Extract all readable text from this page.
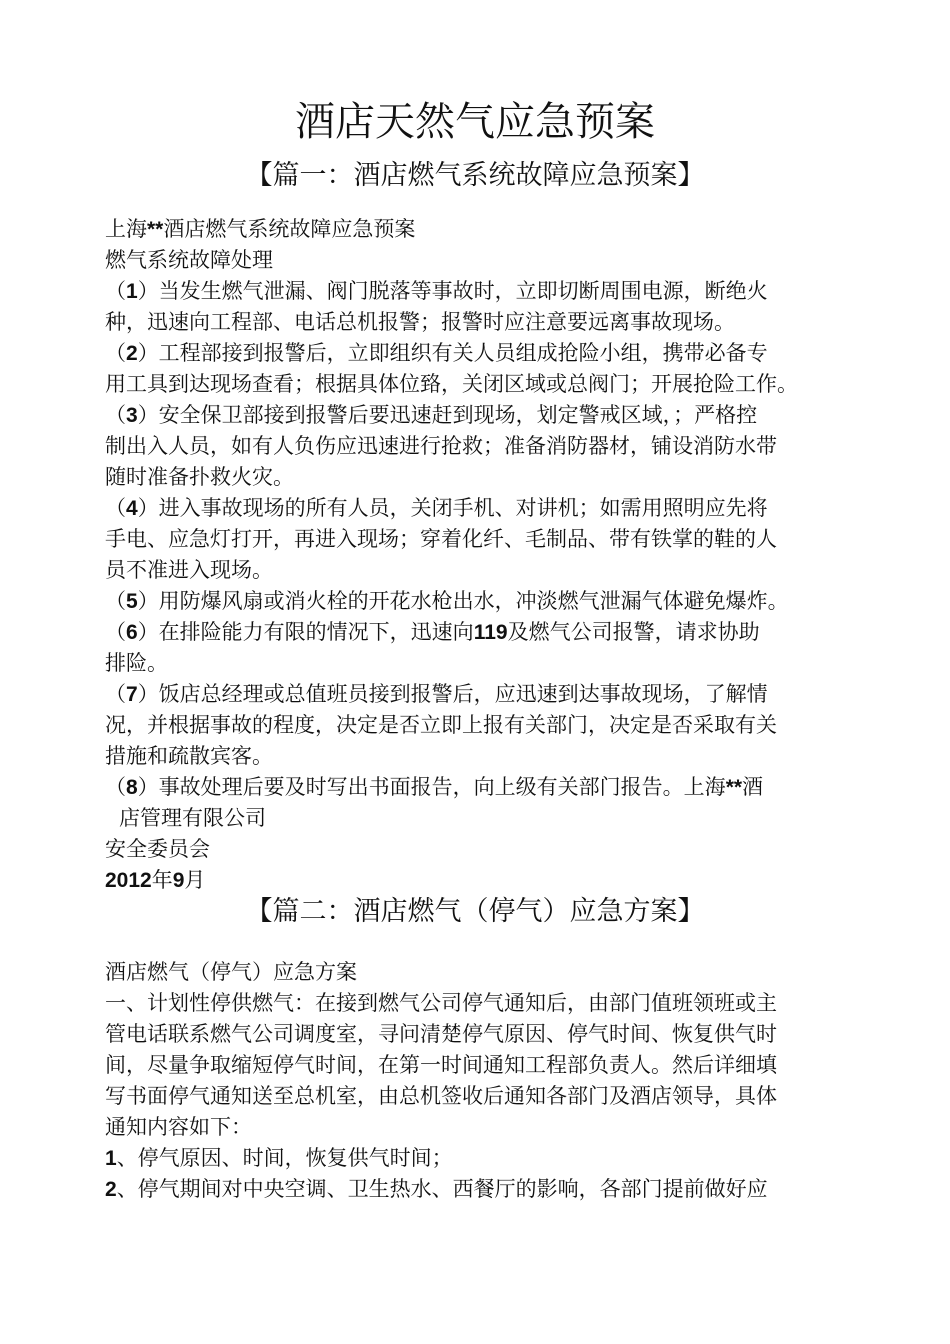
酒店天然气应急预案
【篇一：酒店燃气系统故障应急预案】
上海**酒店燃气系统故障应急预案
燃气系统故障处理
（1）当发生燃气泄漏、阀门脱落等事故时，立即切断周围电源，断绝火
种，迅速向工程部、电话总机报警；报警时应注意要远离事故现场。
（2）工程部接到报警后，立即组织有关人员组成抢险小组，携带必备专
用工具到达现场查看；根据具体位臵，关闭区域或总阀门；开展抢险工作。
（3）安全保卫部接到报警后要迅速赶到现场，划定警戒区域，；严格控
制出入人员，如有人负伤应迅速进行抢救；准备消防器材，铺设消防水带
随时准备扑救火灾。
（4）进入事故现场的所有人员，关闭手机、对讲机；如需用照明应先将
手电、应急灯打开，再进入现场；穿着化纤、毛制品、带有铁掌的鞋的人
员不准进入现场。
（5）用防爆风扇或消火栓的开花水枪出水，冲淡燃气泄漏气体避免爆炸。
（6）在排险能力有限的情况下，迅速向119及燃气公司报警，请求协助
排险。
（7）饭店总经理或总值班员接到报警后，应迅速到达事故现场，了解情
况，并根据事故的程度，决定是否立即上报有关部门，决定是否采取有关
措施和疏散宾客。
（8）事故处理后要及时写出书面报告，向上级有关部门报告。上海**酒
店管理有限公司
安全委员会
2012年9月
【篇二：酒店燃气（停气）应急方案】
酒店燃气（停气）应急方案
一、计划性停供燃气：在接到燃气公司停气通知后，由部门值班领班或主
管电话联系燃气公司调度室，寻问清楚停气原因、停气时间、恢复供气时
间，尽量争取缩短停气时间，在第一时间通知工程部负责人。然后详细填
写书面停气通知送至总机室，由总机签收后通知各部门及酒店领导，具体
通知内容如下：
1、停气原因、时间，恢复供气时间；
2、停气期间对中央空调、卫生热水、西餐厅的影响，各部门提前做好应
